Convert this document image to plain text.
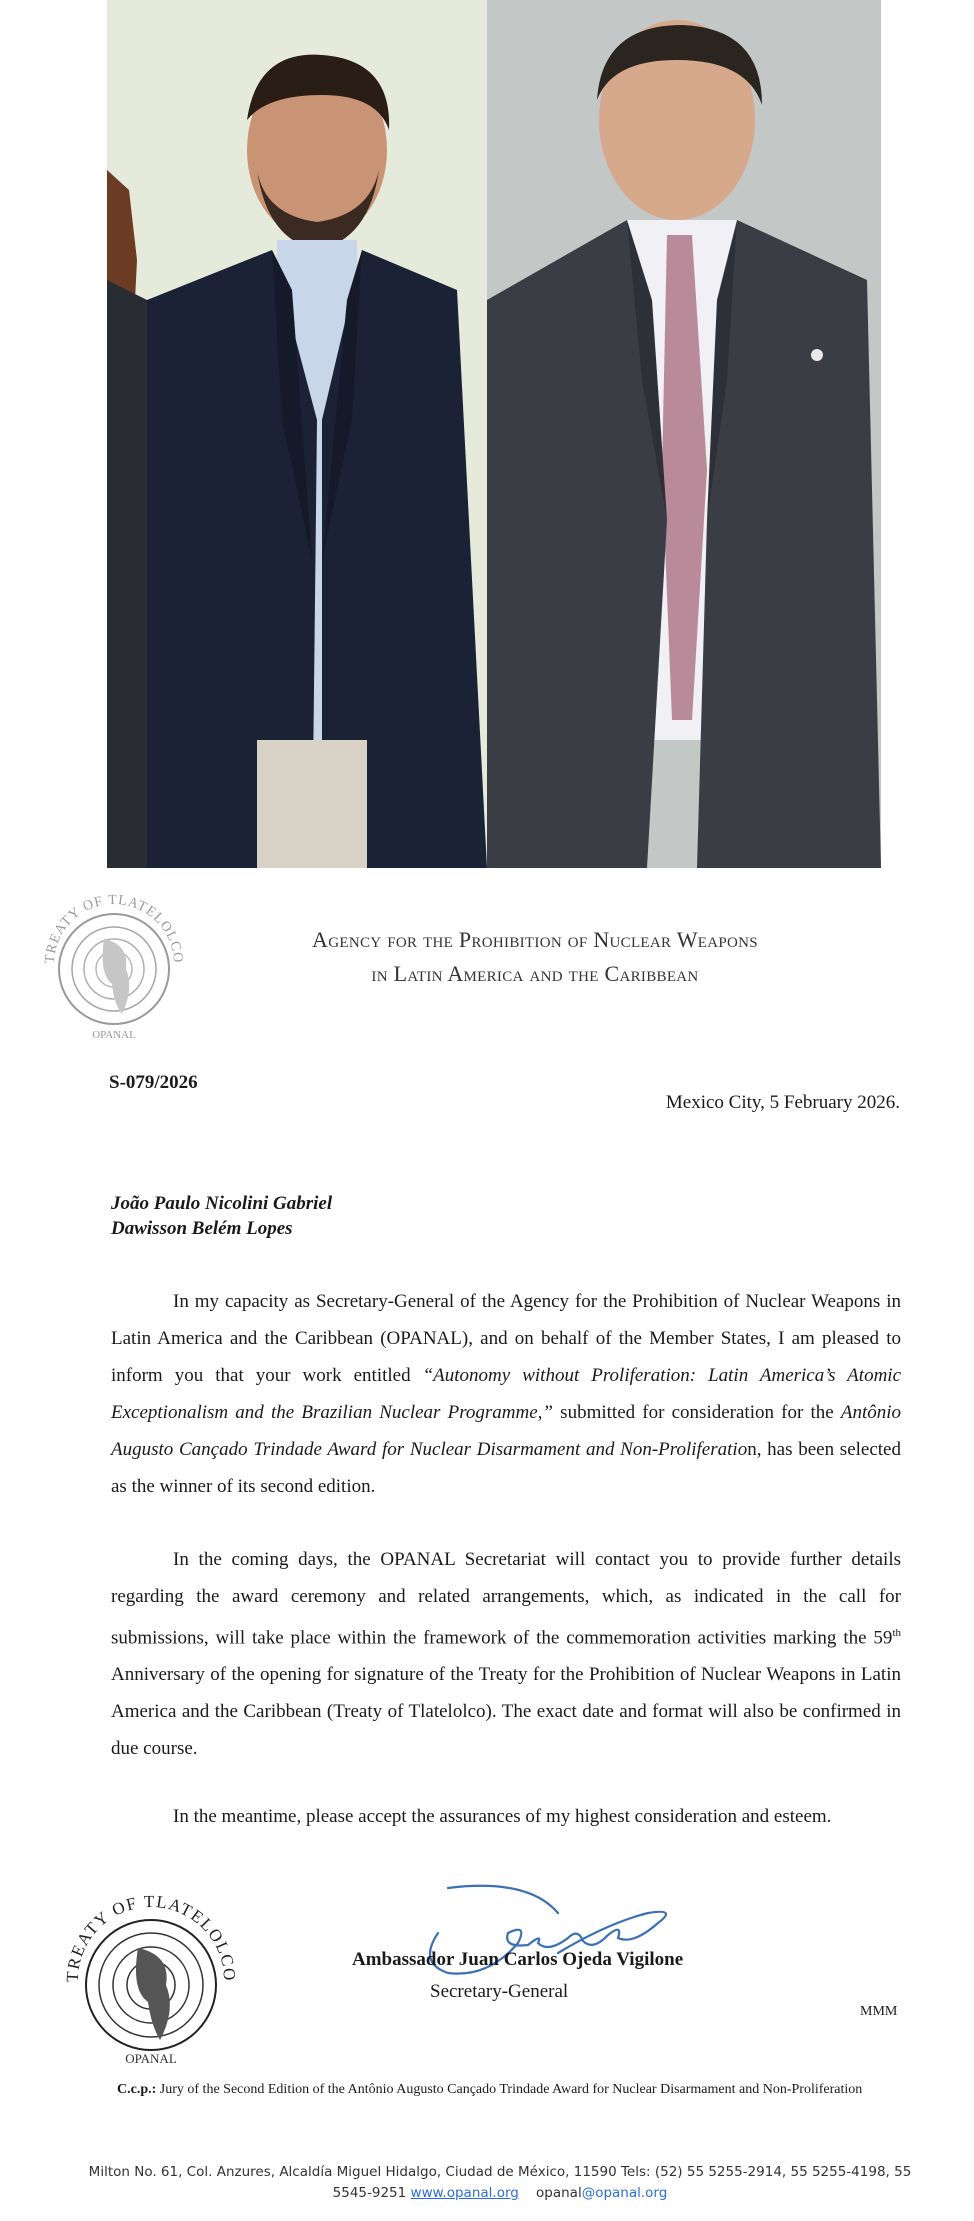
TREATY OF TLATELOLCO
OPANAL
Agency for the Prohibition of Nuclear Weapons
in Latin America and the Caribbean
S-079/2026
Mexico City, 5 February 2026.
João Paulo Nicolini Gabriel
Dawisson Belém Lopes
In my capacity as Secretary-General of the Agency for the Prohibition of Nuclear Weapons in Latin America and the Caribbean (OPANAL), and on behalf of the Member States, I am pleased to inform you that your work entitled “Autonomy without Proliferation: Latin America’s Atomic Exceptionalism and the Brazilian Nuclear Programme,” submitted for consideration for the Antônio Augusto Cançado Trindade Award for Nuclear Disarmament and Non-Proliferation, has been selected as the winner of its second edition.
In the coming days, the OPANAL Secretariat will contact you to provide further details regarding the award ceremony and related arrangements, which, as indicated in the call for submissions, will take place within the framework of the commemoration activities marking the 59th Anniversary of the opening for signature of the Treaty for the Prohibition of Nuclear Weapons in Latin America and the Caribbean (Treaty of Tlatelolco). The exact date and format will also be confirmed in due course.
In the meantime, please accept the assurances of my highest consideration and esteem.
TREATY OF TLATELOLCO
OPANAL
Ambassador Juan Carlos Ojeda Vigilone
Secretary-General
MMM
C.c.p.: Jury of the Second Edition of the Antônio Augusto Cançado Trindade Award for Nuclear Disarmament and Non-Proliferation
Milton No. 61, Col. Anzures, Alcaldía Miguel Hidalgo, Ciudad de México, 11590 Tels: (52) 55 5255-2914, 55 5255-4198, 55 5545-9251 www.opanal.org opanal@opanal.org
